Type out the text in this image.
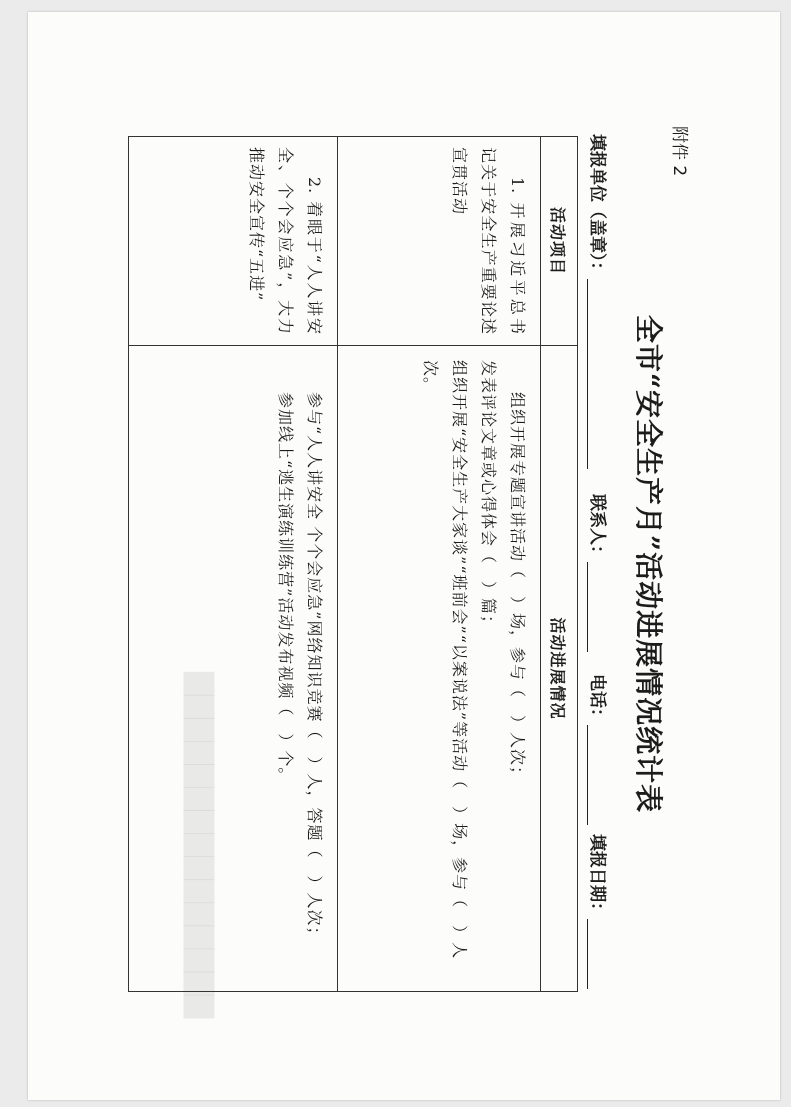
▇▇▇▇▇▇▇▇▇▇▇▇▇▇▇
附件 2
全市“安全生产月”活动进展情况统计表
填报单位（盖章）：
联系人：
电话：
填报日期：
活动项目	活动进展情况
1. 开展习近平总书记关于安全生产重要论述宣贯活动	组织开展专题宣讲活动（　）场，参与（　）人次；

发表评论文章或心得体会（　）篇；

组织开展“安全生产大家谈”“班前会”“以案说法”等活动（　）场，参与（　）人次。

2. 着眼于“人人讲安全、个个会应急”，大力推动安全宣传“五进”	参与“人人讲安全 个个会应急”网络知识竞赛（　）人，答题（　）人次；

参加线上“逃生演练训练营”活动发布视频（　）个。
